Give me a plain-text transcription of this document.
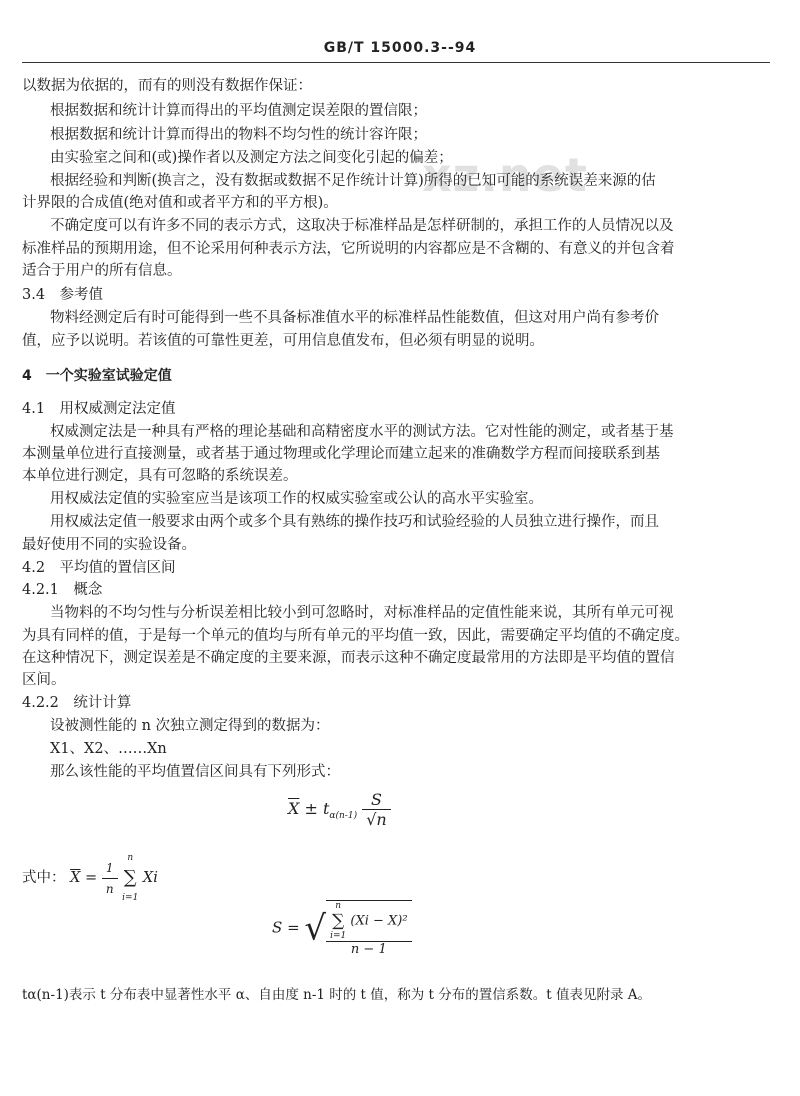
GB/T 15000.3--94
xz.net
以数据为依据的，而有的则没有数据作保证：
根据数据和统计计算而得出的平均值测定误差限的置信限；
根据数据和统计计算而得出的物料不均匀性的统计容许限；
由实验室之间和(或)操作者以及测定方法之间变化引起的偏差；
根据经验和判断(换言之，没有数据或数据不足作统计计算)所得的已知可能的系统误差来源的估
计界限的合成值(绝对值和或者平方和的平方根)。
不确定度可以有许多不同的表示方式，这取决于标准样品是怎样研制的，承担工作的人员情况以及
标准样品的预期用途，但不论采用何种表示方法，它所说明的内容都应是不含糊的、有意义的并包含着
适合于用户的所有信息。
3.4　参考值
物料经测定后有时可能得到一些不具备标准值水平的标准样品性能数值，但这对用户尚有参考价
值，应予以说明。若该值的可靠性更差，可用信息值发布，但必须有明显的说明。
4　一个实验室试验定值
4.1　用权威测定法定值
权威测定法是一种具有严格的理论基础和高精密度水平的测试方法。它对性能的测定，或者基于基
本测量单位进行直接测量，或者基于通过物理或化学理论而建立起来的准确数学方程而间接联系到基
本单位进行测定，具有可忽略的系统误差。
用权威法定值的实验室应当是该项工作的权威实验室或公认的高水平实验室。
用权威法定值一般要求由两个或多个具有熟练的操作技巧和试验经验的人员独立进行操作，而且
最好使用不同的实验设备。
4.2　平均值的置信区间
4.2.1　概念
当物料的不均匀性与分析误差相比较小到可忽略时，对标准样品的定值性能来说，其所有单元可视
为具有同样的值，于是每一个单元的值均与所有单元的平均值一致，因此，需要确定平均值的不确定度。
在这种情况下，测定误差是不确定度的主要来源，而表示这种不确定度最常用的方法即是平均值的置信
区间。
4.2.2　统计计算
设被测性能的 n 次独立测定得到的数据为：
X1、X2、……Xn
那么该性能的平均值置信区间具有下列形式：
$\overline{X} \pm t_{\alpha(n-1)} \frac{S}{√n}$
式中： $\overline{X} = \frac{1}{n}$
	n
∑
i=1
Xi
S = √ n
∑
i=1
(Xi − X)²
n − 1
tα(n-1)表示 t 分布表中显著性水平 α、自由度 n-1 时的 t 值，称为 t 分布的置信系数。t 值表见附录 A。
